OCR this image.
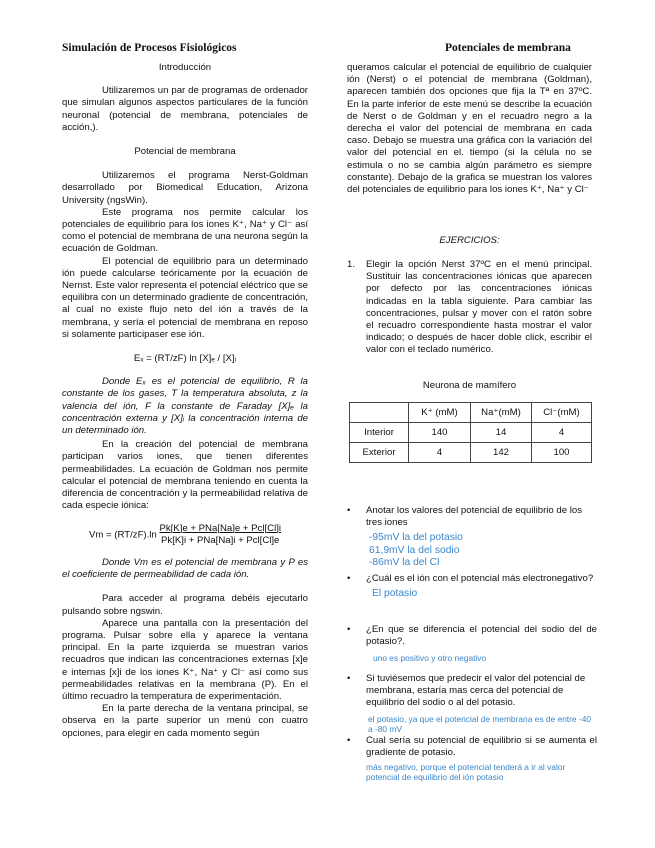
Simulación de Procesos Fisiológicos	Potenciales de membrana

Introducción

Utilizaremos un par de programas de ordenador que simulan algunos aspectos particulares de la función neuronal (potencial de membrana, potenciales de acción,).

Potencial de membrana

Utilizaremos el programa Nerst-Goldman desarrollado por Biomedical Education, Arizona University (ngsWin).

Este programa nos permite calcular los potenciales de equilibrio para los iones K⁺, Na⁺ y Cl⁻ así como el potencial de membrana de una neurona según la ecuación de Goldman.

El potencial de equilibrio para un determinado ión puede calcularse teóricamente por la ecuación de Nernst. Este valor representa el potencial eléctrico que se equilibra con un determinado gradiente de concentración, al cual no existe flujo neto del ión a través de la membrana, y sería el potencial de membrana en reposo si solamente participaser ese ión.

Eₓ = (RT/zF) ln [X]ₑ / [X]ᵢ

Donde Eₓ es el potencial de equilibrio, R la constante de los gases, T la temperatura absoluta, z la valencia del ión, F la constante de Faraday [X]ₑ la concentración externa y [X]ᵢ la concentración interna de un determinado ión.

En la creación del potencial de membrana participan varios iones, que tienen diferentes permeabilidades. La ecuación de Goldman nos permite calcular el potencial de membrana teniendo en cuenta la diferencia de concentración y la permeabilidad relativa de cada especie iónica:

$Vm = (RT/zF).\ln \frac{\text{Pk[K]e + PNa[Na]e + Pcl[Cl]i}}{\text{Pk[K]i + PNa[Na]i + Pcl[Cl]e}}$

Donde Vm es el potencial de membrana y P es el coeficiente de permeabilidad de cada ión.

Para acceder al programa debéis ejecutarlo pulsando sobre ngswin.

Aparece una pantalla con la presentación del programa. Pulsar sobre ella y aparece la ventana principal. En la parte izquierda se muestran varios recuadros que indican las concentraciones externas [x]e e internas [x]i de los iones K⁺, Na⁺ y Cl⁻ así como sus permeabilidades relativas en la membrana (P). En el último recuadro la temperatura de experimentación.

En la parte derecha de la ventana principal, se observa en la parte superior un menú con cuatro opciones, para elegir en cada momento según

queramos calcular el potencial de equilibrio de cualquier ión (Nerst) o el potencial de membrana (Goldman), aparecen también dos opciones que fija la Tª en 37ºC. En la parte inferior de este menú se describe la ecuación de Nerst o de Goldman y en el recuadro negro a la derecha el valor del potencial de membrana en cada caso. Debajo se muestra una gráfica con la variación del valor del potencial en el. tiempo (si la célula no se estimula o no se cambia algún parámetro es siempre constante). Debajo de la grafica se muestran los valores del potenciales de equilibrio para los iones K⁺, Na⁺ y Cl⁻
EJERCICIOS:
1. Elegir la opción Nerst 37ºC en el menú principal. Sustituir las concentraciones iónicas que aparecen por defecto por las concentraciones iónicas indicadas en la tabla siguiente. Para cambiar las concentraciones, pulsar y mover con el ratón sobre el recuadro correspondiente hasta mostrar el valor indicado; o después de hacer doble click, escribir el valor con el teclado numérico.

Neurona de mamífero
	K⁺ (mM)	Na⁺(mM)	Cl⁻(mM)
Interior	140	14	4
Exterior	4	142	100
• Anotar los valores del potencial de equilibrio de los tres iones

-95mV la del potasio
61,9mV la del sodio
-86mV la del Cl
• ¿Cuál es el ión con el potencial más electronegativo?

El potasio
• ¿En que se diferencia el potencial del sodio del de potasio?.

uno es positivo y otro negativo
• Si tuviésemos que predecir el valor del potencial de membrana, estaría mas cerca del potencial de equilibrio del sodio o al del potasio.

el potasio, ya que el potencial de membrana es de entre -40 a -80 mV
• Cual sería su potencial de equilibrio si se aumenta el gradiente de potasio.

más negativo, porque el potencial tenderá a ir al valor potencial de equilibrio del ión potasio
